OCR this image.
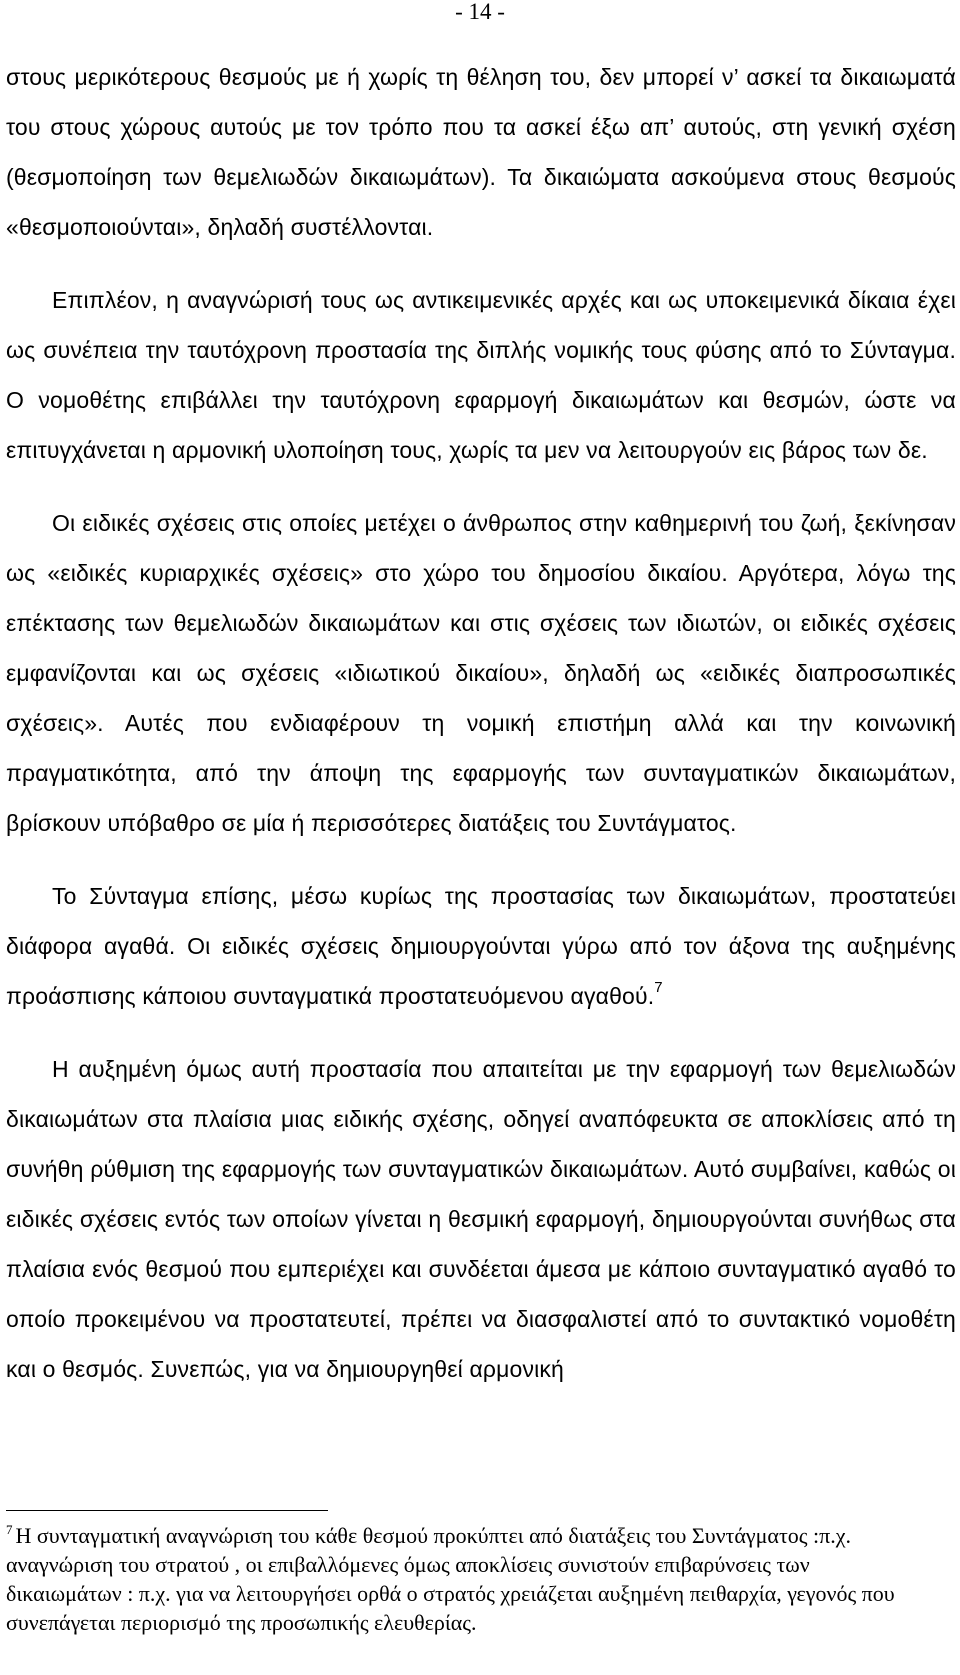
- 14 -

στους μερικότερους θεσμούς με ή χωρίς τη θέληση του, δεν μπορεί ν’ ασκεί τα δικαιωματά του στους χώρους αυτούς με τον τρόπο που τα ασκεί έξω απ’ αυτούς, στη γενική σχέση (θεσμοποίηση των θεμελιωδών δικαιωμάτων). Τα δικαιώματα ασκούμενα στους θεσμούς «θεσμοποιούνται», δηλαδή συστέλλονται.

Επιπλέον, η αναγνώρισή τους ως αντικειμενικές αρχές και ως υποκειμενικά δίκαια έχει ως συνέπεια την ταυτόχρονη προστασία της διπλής νομικής τους φύσης από το Σύνταγμα. Ο νομοθέτης επιβάλλει την ταυτόχρονη εφαρμογή δικαιωμάτων και θεσμών, ώστε να επιτυγχάνεται η αρμονική υλοποίηση τους, χωρίς τα μεν να λειτουργούν εις βάρος των δε.

Οι ειδικές σχέσεις στις οποίες μετέχει ο άνθρωπος στην καθημερινή του ζωή, ξεκίνησαν ως «ειδικές κυριαρχικές σχέσεις» στο χώρο του δημοσίου δικαίου. Αργότερα, λόγω της επέκτασης των θεμελιωδών δικαιωμάτων και στις σχέσεις των ιδιωτών, οι ειδικές σχέσεις εμφανίζονται και ως σχέσεις «ιδιωτικού δικαίου», δηλαδή ως «ειδικές διαπροσωπικές σχέσεις». Αυτές που ενδιαφέρουν τη νομική επιστήμη αλλά και την κοινωνική πραγματικότητα, από την άποψη της εφαρμογής των συνταγματικών δικαιωμάτων, βρίσκουν υπόβαθρο σε μία ή περισσότερες διατάξεις του Συντάγματος.

Το Σύνταγμα επίσης, μέσω κυρίως της προστασίας των δικαιωμάτων, προστατεύει διάφορα αγαθά. Οι ειδικές σχέσεις δημιουργούνται γύρω από τον άξονα της αυξημένης προάσπισης κάποιου συνταγματικά προστατευόμενου αγαθού.$^7$

Η αυξημένη όμως αυτή προστασία που απαιτείται με την εφαρμογή των θεμελιωδών δικαιωμάτων στα πλαίσια μιας ειδικής σχέσης, οδηγεί αναπόφευκτα σε αποκλίσεις από τη συνήθη ρύθμιση της εφαρμογής των συνταγματικών δικαιωμάτων. Αυτό συμβαίνει, καθώς οι ειδικές σχέσεις εντός των οποίων γίνεται η θεσμική εφαρμογή, δημιουργούνται συνήθως στα πλαίσια ενός θεσμού που εμπεριέχει και συνδέεται άμεσα με κάποιο συνταγματικό αγαθό το οποίο προκειμένου να προστατευτεί, πρέπει να διασφαλιστεί από το συντακτικό νομοθέτη και ο θεσμός. Συνεπώς, για να δημιουργηθεί αρμονική

$^7$ Η συνταγματική αναγνώριση του κάθε θεσμού προκύπτει από διατάξεις του Συντάγματος :π.χ. αναγνώριση του στρατού , οι επιβαλλόμενες όμως αποκλίσεις συνιστούν επιβαρύνσεις των δικαιωμάτων : π.χ. για να λειτουργήσει ορθά ο στρατός χρειάζεται αυξημένη πειθαρχία, γεγονός που συνεπάγεται περιορισμό της προσωπικής ελευθερίας.
